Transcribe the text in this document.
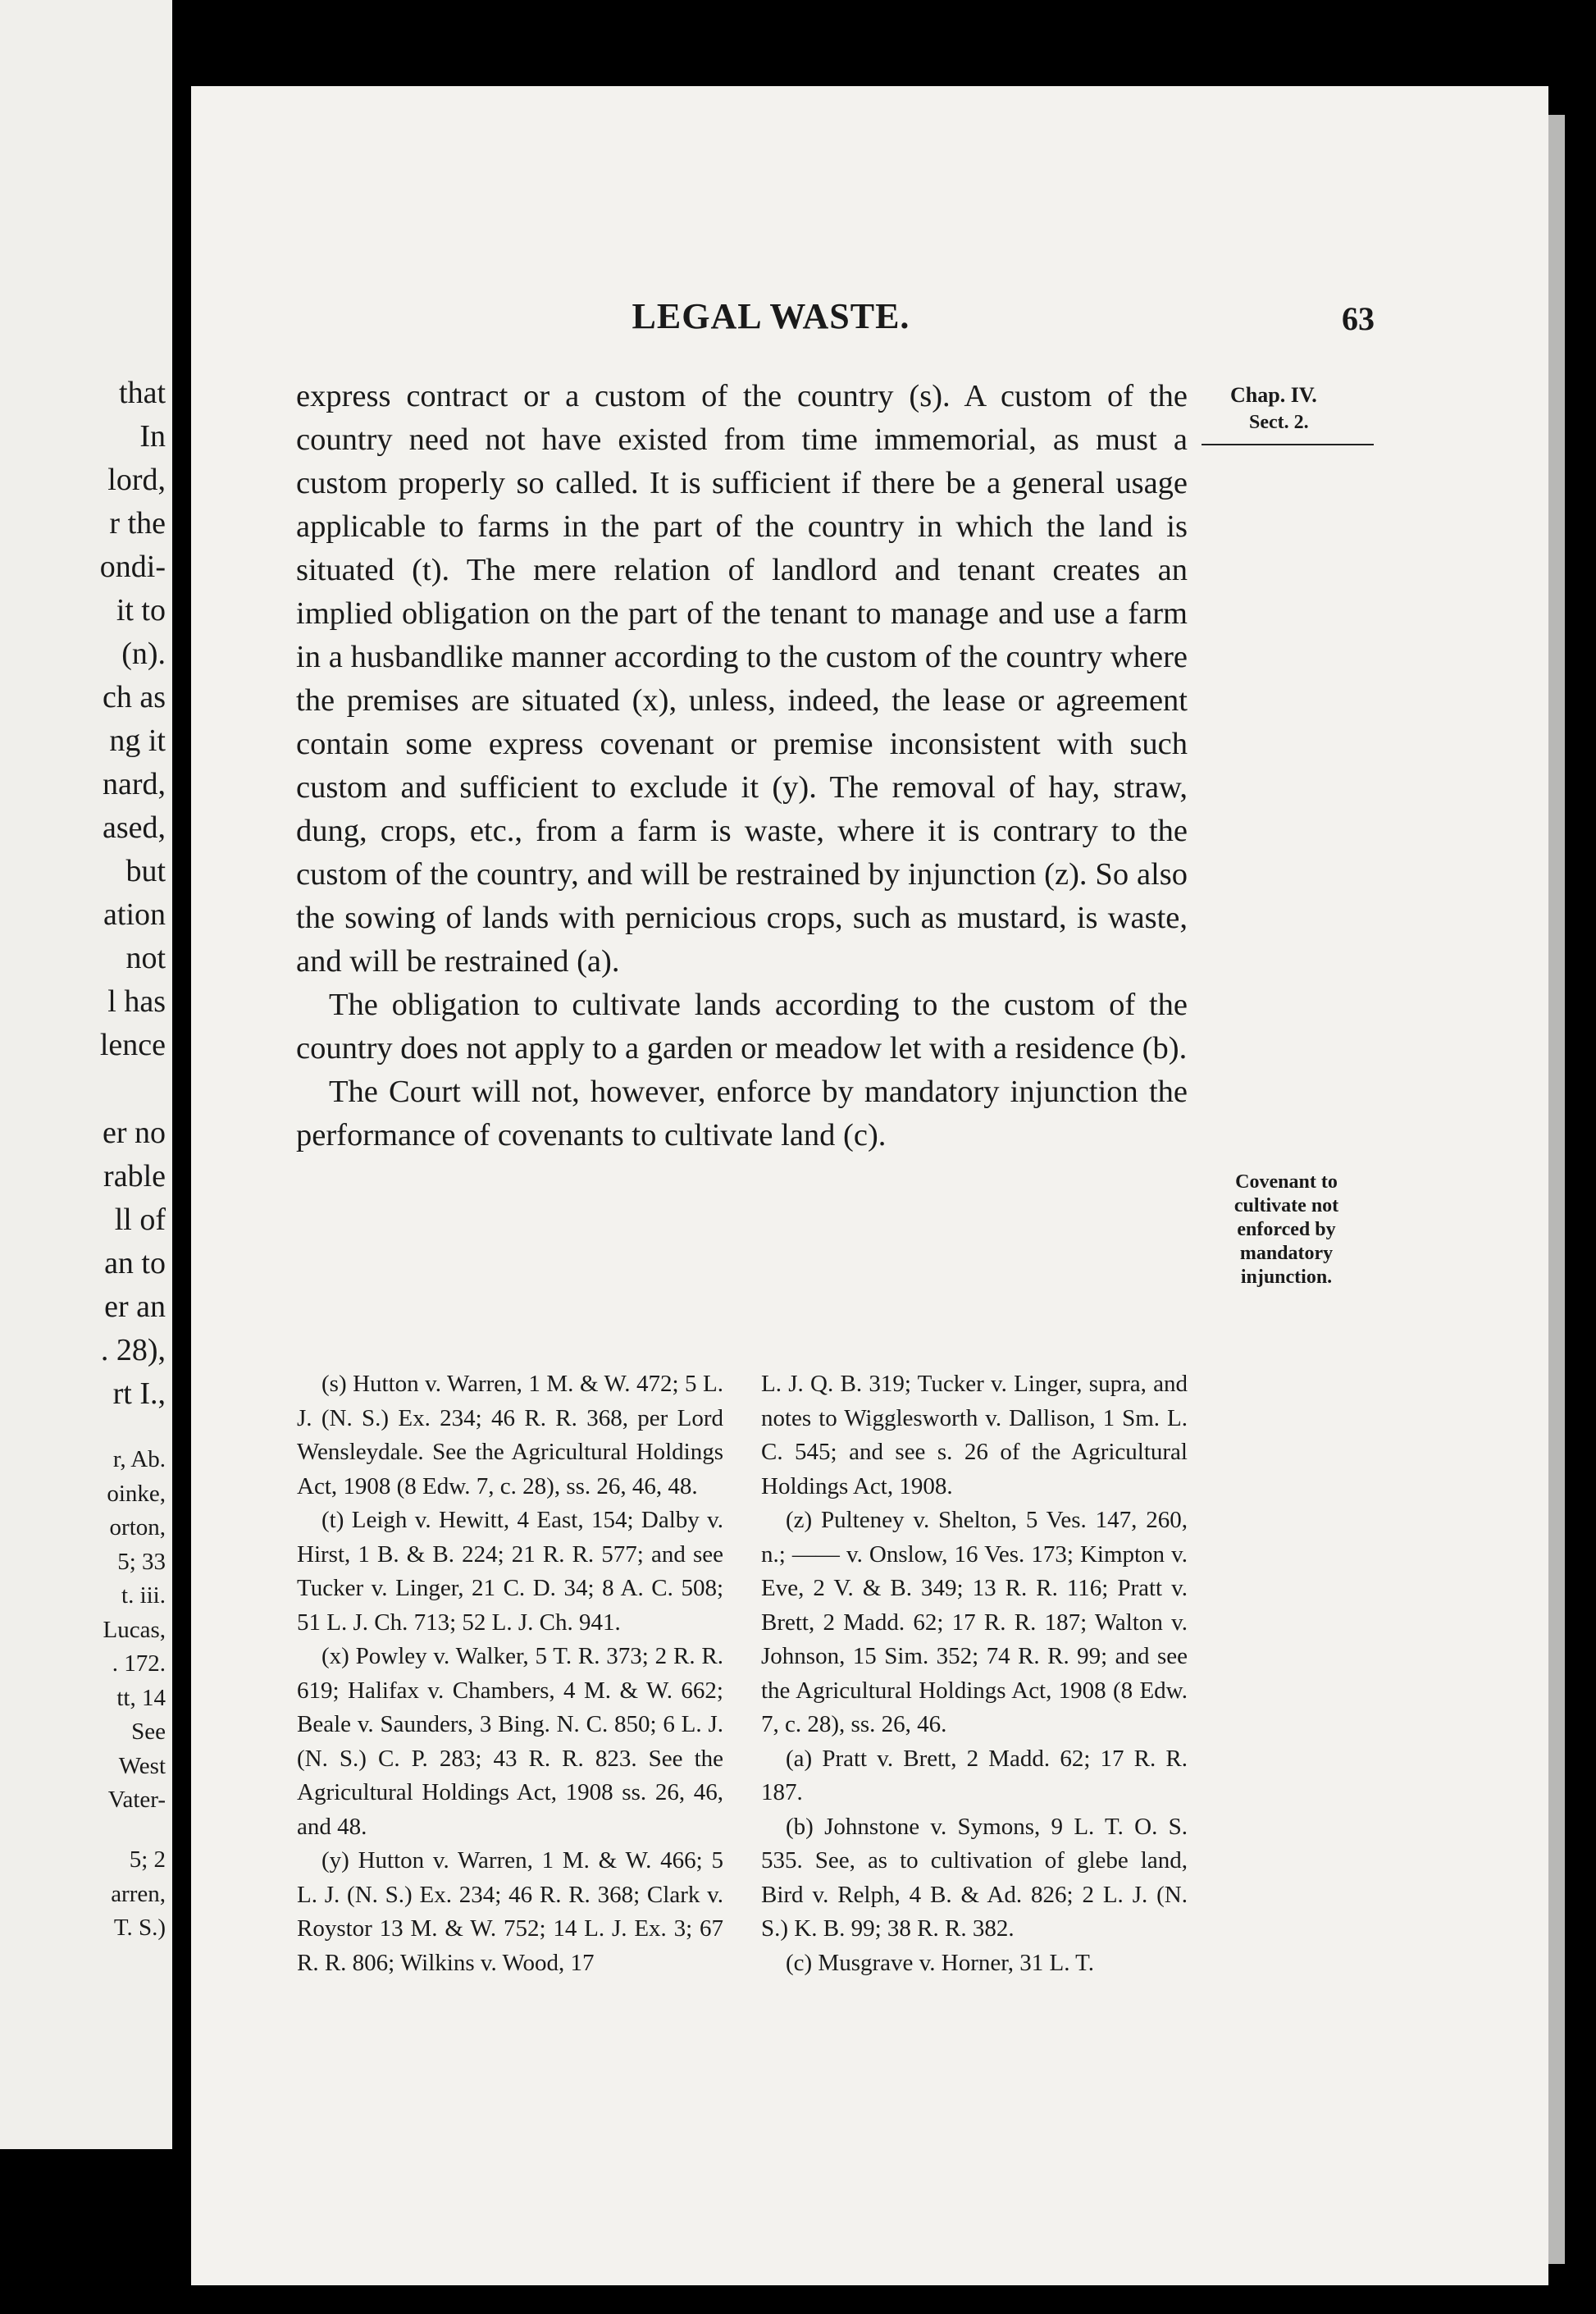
that
In
lord,
r the
ondi-
it to
(n).
ch as
ng it
nard,
ased,
but
ation
not
l has
lence
er no
rable
ll of
an to
er an
. 28),
rt I.,
r, Ab.
oinke,
orton,
5; 33
t. iii.
Lucas,
. 172.
tt, 14
See
West
Vater-
5; 2
arren,
T. S.)
LEGAL WASTE.	63
Chap. IV.
Sect. 2.

express contract or a custom of the country (s). A custom of the country need not have existed from time immemorial, as must a custom properly so called. It is sufficient if there be a general usage applicable to farms in the part of the country in which the land is situated (t). The mere relation of landlord and tenant creates an implied obligation on the part of the tenant to manage and use a farm in a husbandlike manner according to the custom of the country where the premises are situated (x), unless, indeed, the lease or agreement contain some express covenant or premise inconsistent with such custom and sufficient to exclude it (y). The removal of hay, straw, dung, crops, etc., from a farm is waste, where it is contrary to the custom of the country, and will be restrained by injunction (z). So also the sowing of lands with pernicious crops, such as mustard, is waste, and will be restrained (a).

The obligation to cultivate lands according to the custom of the country does not apply to a garden or meadow let with a residence (b).

The Court will not, however, enforce by mandatory injunction the performance of covenants to cultivate land (c).

Covenant to cultivate not enforced by mandatory injunction.

(s) Hutton v. Warren, 1 M. & W. 472; 5 L. J. (N. S.) Ex. 234; 46 R. R. 368, per Lord Wensleydale. See the Agricultural Holdings Act, 1908 (8 Edw. 7, c. 28), ss. 26, 46, 48.

(t) Leigh v. Hewitt, 4 East, 154; Dalby v. Hirst, 1 B. & B. 224; 21 R. R. 577; and see Tucker v. Linger, 21 C. D. 34; 8 A. C. 508; 51 L. J. Ch. 713; 52 L. J. Ch. 941.

(x) Powley v. Walker, 5 T. R. 373; 2 R. R. 619; Halifax v. Chambers, 4 M. & W. 662; Beale v. Saunders, 3 Bing. N. C. 850; 6 L. J. (N. S.) C. P. 283; 43 R. R. 823. See the Agricultural Holdings Act, 1908 ss. 26, 46, and 48.

(y) Hutton v. Warren, 1 M. & W. 466; 5 L. J. (N. S.) Ex. 234; 46 R. R. 368; Clark v. Roystor 13 M. & W. 752; 14 L. J. Ex. 3; 67 R. R. 806; Wilkins v. Wood, 17

L. J. Q. B. 319; Tucker v. Linger, supra, and notes to Wigglesworth v. Dallison, 1 Sm. L. C. 545; and see s. 26 of the Agricultural Holdings Act, 1908.

(z) Pulteney v. Shelton, 5 Ves. 147, 260, n.; —— v. Onslow, 16 Ves. 173; Kimpton v. Eve, 2 V. & B. 349; 13 R. R. 116; Pratt v. Brett, 2 Madd. 62; 17 R. R. 187; Walton v. Johnson, 15 Sim. 352; 74 R. R. 99; and see the Agricultural Holdings Act, 1908 (8 Edw. 7, c. 28), ss. 26, 46.

(a) Pratt v. Brett, 2 Madd. 62; 17 R. R. 187.

(b) Johnstone v. Symons, 9 L. T. O. S. 535. See, as to cultivation of glebe land, Bird v. Relph, 4 B. & Ad. 826; 2 L. J. (N. S.) K. B. 99; 38 R. R. 382.

(c) Musgrave v. Horner, 31 L. T.
